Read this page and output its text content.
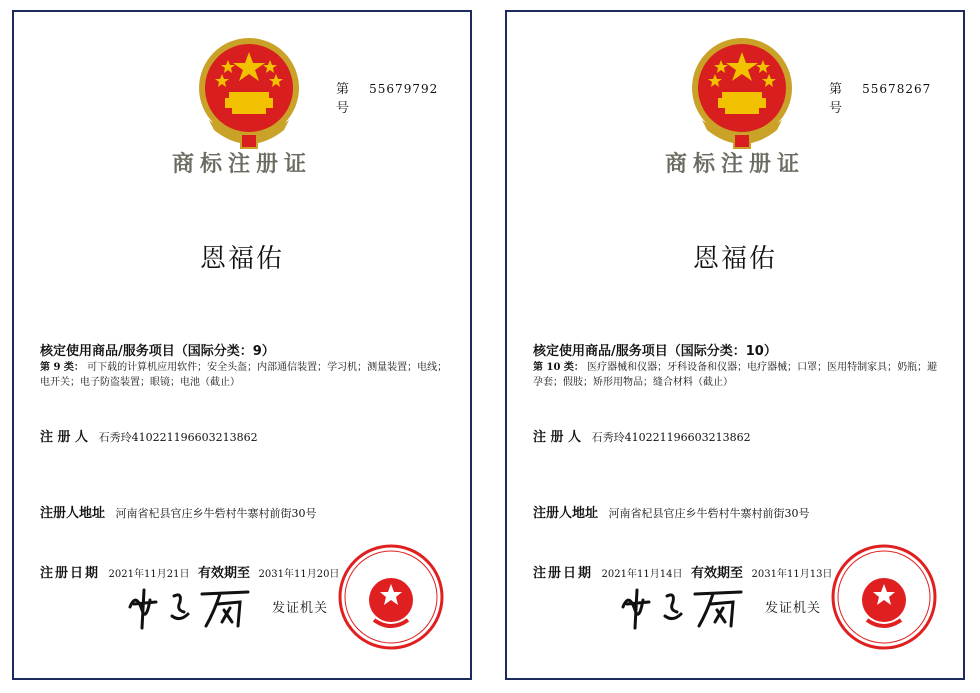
第 55679792 号
商标注册证
恩福佑
核定使用商品/服务项目（国际分类：9）
第 9 类： 可下载的计算机应用软件；安全头盔；内部通信装置；学习机；测量装置；电线；电开关；电子防盗装置；眼镜；电池（截止）
注 册 人 石秀玲410221196603213862
注册人地址 河南省杞县官庄乡牛砦村牛寨村前街30号
注册日期 2021年11月21日 有效期至 2031年11月20日
发证机关
第 55678267 号
商标注册证
恩福佑
核定使用商品/服务项目（国际分类：10）
第 10 类： 医疗器械和仪器；牙科设备和仪器；电疗器械；口罩；医用特制家具；奶瓶；避孕套；假肢；矫形用物品；缝合材料（截止）
注 册 人 石秀玲410221196603213862
注册人地址 河南省杞县官庄乡牛砦村牛寨村前街30号
注册日期 2021年11月14日 有效期至 2031年11月13日
发证机关
